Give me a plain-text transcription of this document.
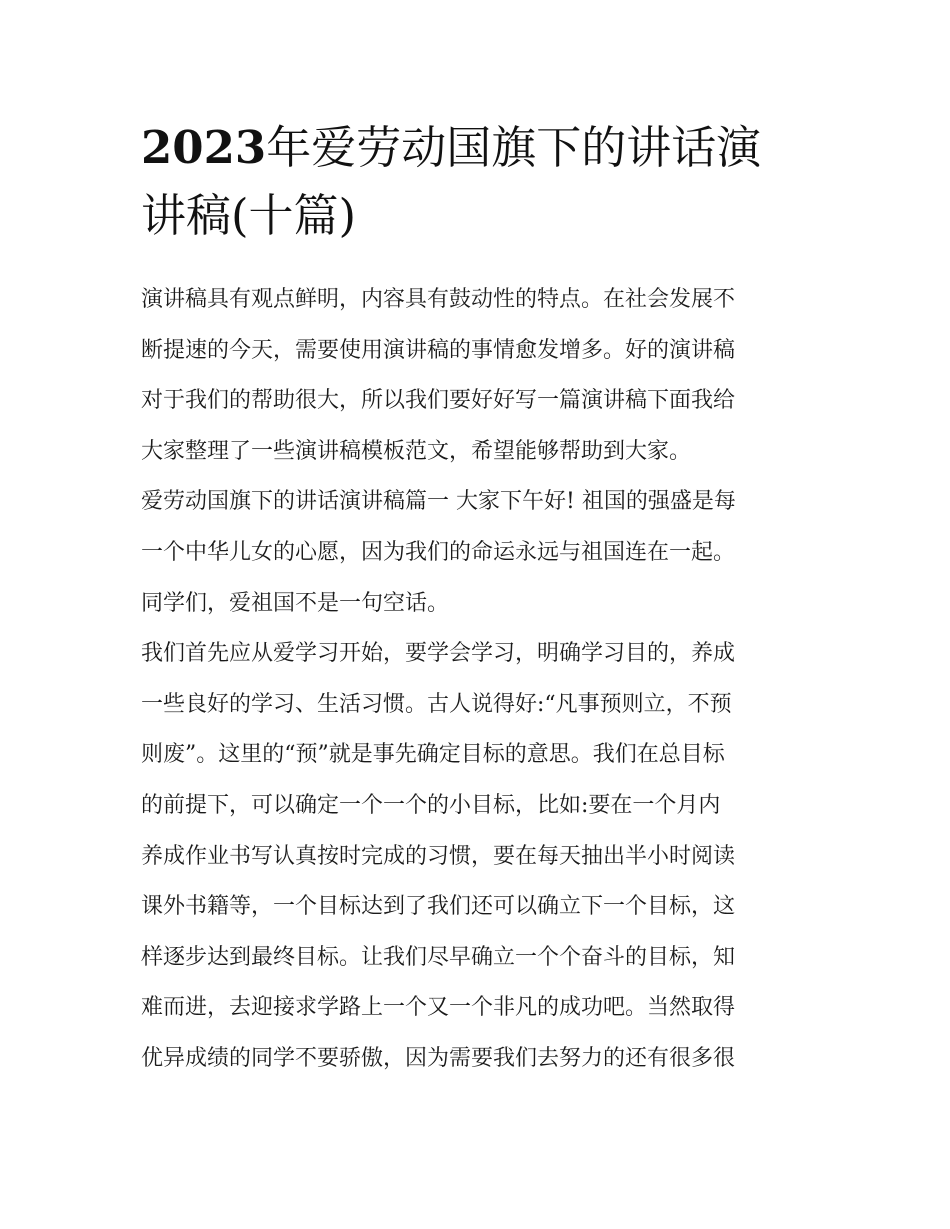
2023年爱劳动国旗下的讲话演
讲稿(十篇)
演讲稿具有观点鲜明，内容具有鼓动性的特点。在社会发展不
断提速的今天，需要使用演讲稿的事情愈发增多。好的演讲稿
对于我们的帮助很大，所以我们要好好写一篇演讲稿下面我给
大家整理了一些演讲稿模板范文，希望能够帮助到大家。
爱劳动国旗下的讲话演讲稿篇一 大家下午好! 祖国的强盛是每
一个中华儿女的心愿，因为我们的命运永远与祖国连在一起。
同学们，爱祖国不是一句空话。
我们首先应从爱学习开始，要学会学习，明确学习目的，养成
一些良好的学习、生活习惯。古人说得好:“凡事预则立，不预
则废”。这里的“预”就是事先确定目标的意思。我们在总目标
的前提下，可以确定一个一个的小目标，比如:要在一个月内
养成作业书写认真按时完成的习惯，要在每天抽出半小时阅读
课外书籍等，一个目标达到了我们还可以确立下一个目标，这
样逐步达到最终目标。让我们尽早确立一个个奋斗的目标，知
难而进，去迎接求学路上一个又一个非凡的成功吧。当然取得
优异成绩的同学不要骄傲，因为需要我们去努力的还有很多很
